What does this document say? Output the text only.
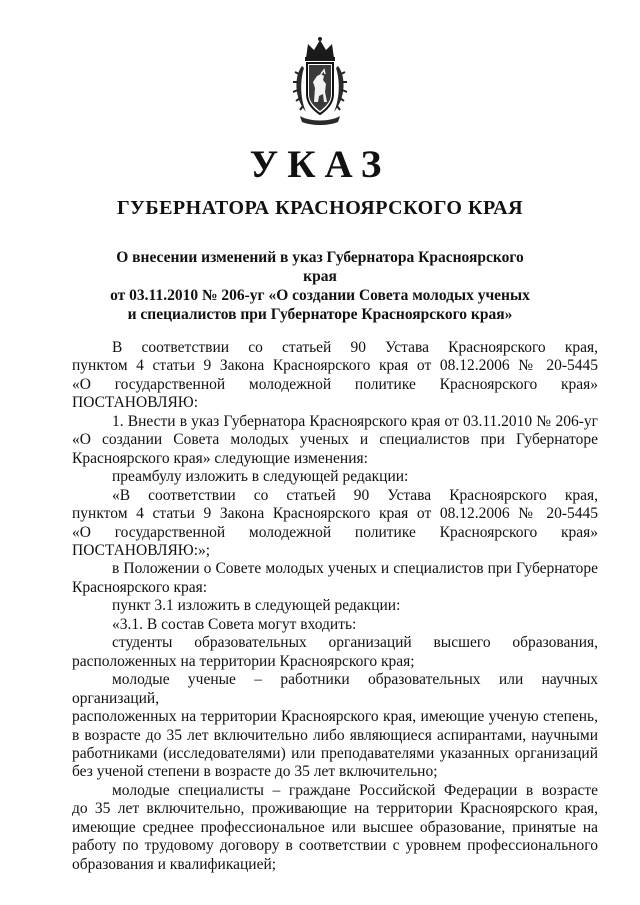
УКАЗ
ГУБЕРНАТОРА КРАСНОЯРСКОГО КРАЯ
О внесении изменений в указ Губернатора Красноярского края
от 03.11.2010 № 206-уг «О создании Совета молодых ученых
и специалистов при Губернаторе Красноярского края»

В соответствии со статьей 90 Устава Красноярского края,

пунктом 4 статьи 9 Закона Красноярского края от 08.12.2006 № 20-5445

«О государственной молодежной политике Красноярского края»

ПОСТАНОВЛЯЮ:

1. Внести в указ Губернатора Красноярского края от 03.11.2010 № 206-уг

«О создании Совета молодых ученых и специалистов при Губернаторе

Красноярского края» следующие изменения:

преамбулу изложить в следующей редакции:

«В соответствии со статьей 90 Устава Красноярского края,

пунктом 4 статьи 9 Закона Красноярского края от 08.12.2006 № 20-5445

«О государственной молодежной политике Красноярского края»

ПОСТАНОВЛЯЮ:»;

в Положении о Совете молодых ученых и специалистов при Губернаторе

Красноярского края:

пункт 3.1 изложить в следующей редакции:

«3.1. В состав Совета могут входить:

студенты образовательных организаций высшего образования,

расположенных на территории Красноярского края;

молодые ученые – работники образовательных или научных организаций,

расположенных на территории Красноярского края, имеющие ученую степень,

в возрасте до 35 лет включительно либо являющиеся аспирантами, научными

работниками (исследователями) или преподавателями указанных организаций

без ученой степени в возрасте до 35 лет включительно;

молодые специалисты – граждане Российской Федерации в возрасте

до 35 лет включительно, проживающие на территории Красноярского края,

имеющие среднее профессиональное или высшее образование, принятые на

работу по трудовому договору в соответствии с уровнем профессионального

образования и квалификацией;
